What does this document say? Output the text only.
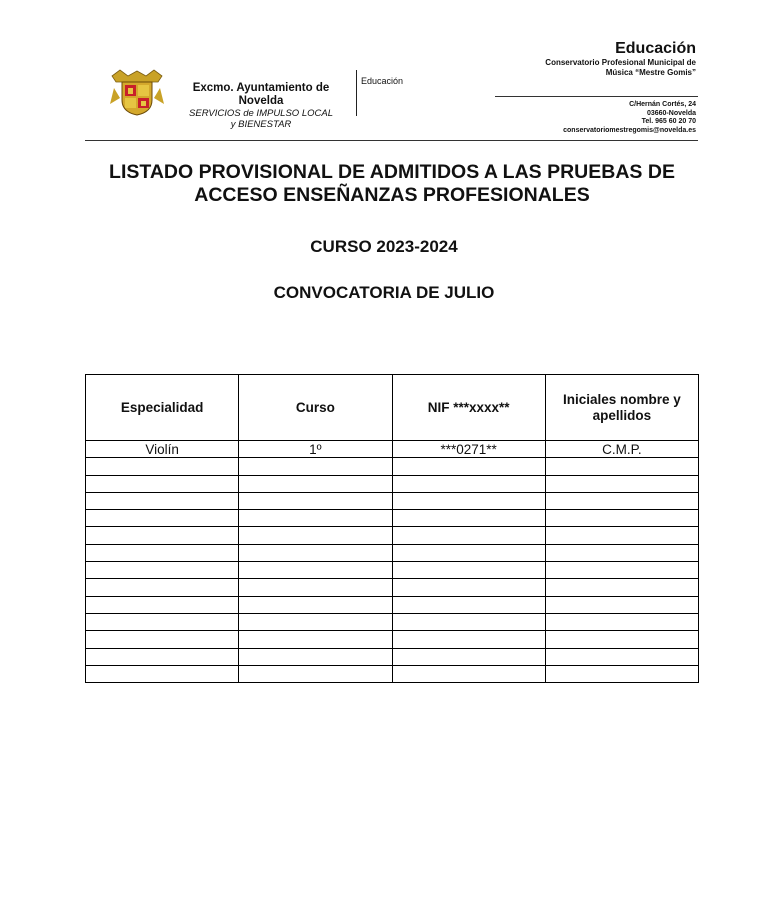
Excmo. Ayuntamiento de Novelda
SERVICIOS de IMPULSO LOCAL
y BIENESTAR
Educación
Educación
Conservatorio Profesional Municipal de
Música “Mestre Gomis”
C/Hernán Cortés, 24
03660-Novelda
Tel. 965 60 20 70
conservatoriomestregomis@novelda.es
LISTADO PROVISIONAL DE ADMITIDOS A LAS PRUEBAS DE
ACCESO ENSEÑANZAS PROFESIONALES
CURSO 2023-2024
CONVOCATORIA DE JULIO
Especialidad	Curso	NIF ***xxxx**	Iniciales nombre y apellidos
Violín	1º	***0271**	C.M.P.
